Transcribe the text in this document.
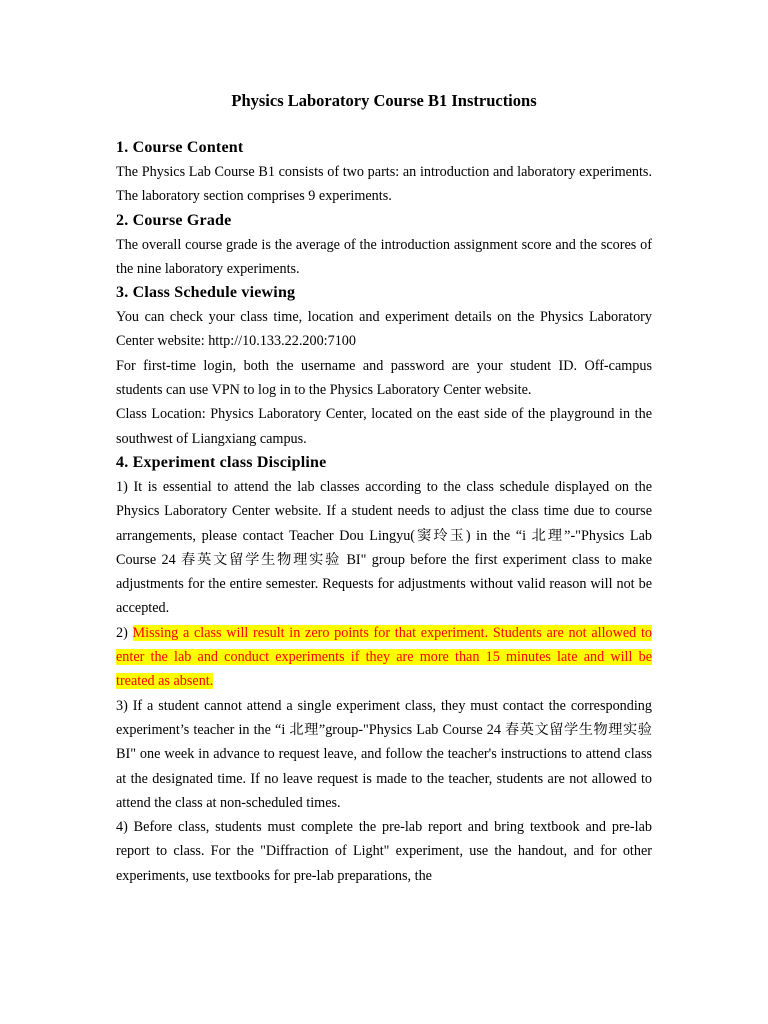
Physics Laboratory Course B1 Instructions
1. Course Content

The Physics Lab Course B1 consists of two parts: an introduction and laboratory experiments. The laboratory section comprises 9 experiments.

2. Course Grade

The overall course grade is the average of the introduction assignment score and the scores of the nine laboratory experiments.

3. Class Schedule viewing

You can check your class time, location and experiment details on the Physics Laboratory Center website: http://10.133.22.200:7100

For first-time login, both the username and password are your student ID. Off-campus students can use VPN to log in to the Physics Laboratory Center website.

Class Location: Physics Laboratory Center, located on the east side of the playground in the southwest of Liangxiang campus.

4. Experiment class Discipline

1) It is essential to attend the lab classes according to the class schedule displayed on the Physics Laboratory Center website. If a student needs to adjust the class time due to course arrangements, please contact Teacher Dou Lingyu(窦玲玉) in the “i 北理”-"Physics Lab Course 24 春英文留学生物理实验 BI" group before the first experiment class to make adjustments for the entire semester. Requests for adjustments without valid reason will not be accepted.

2) Missing a class will result in zero points for that experiment. Students are not allowed to enter the lab and conduct experiments if they are more than 15 minutes late and will be treated as absent.

3) If a student cannot attend a single experiment class, they must contact the corresponding experiment’s teacher in the “i 北理”group-"Physics Lab Course 24 春英文留学生物理实验 BI" one week in advance to request leave, and follow the teacher's instructions to attend class at the designated time. If no leave request is made to the teacher, students are not allowed to attend the class at non-scheduled times.

4) Before class, students must complete the pre-lab report and bring textbook and pre-lab report to class. For the "Diffraction of Light" experiment, use the handout, and for other experiments, use textbooks for pre-lab preparations, the
